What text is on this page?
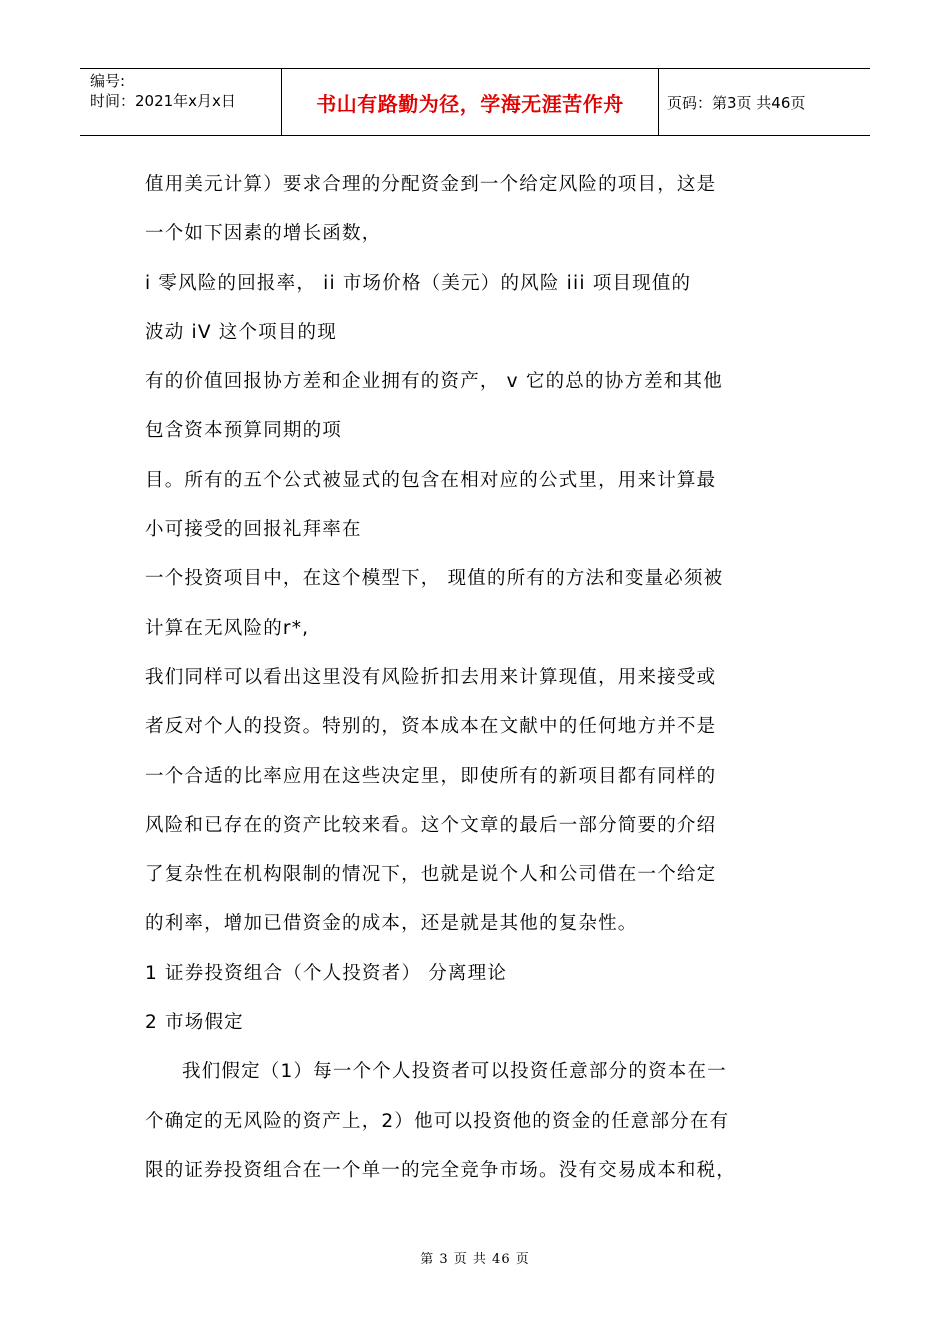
编号:
时间：2021年x月x日	书山有路勤为径，学海无涯苦作舟	页码：第3页 共46页
值用美元计算）要求合理的分配资金到一个给定风险的项目，这是
一个如下因素的增长函数，
i 零风险的回报率， ii 市场价格（美元）的风险 iii 项目现值的
波动 iV 这个项目的现
有的价值回报协方差和企业拥有的资产， v 它的总的协方差和其他
包含资本预算同期的项
目。所有的五个公式被显式的包含在相对应的公式里，用来计算最
小可接受的回报礼拜率在
一个投资项目中，在这个模型下， 现值的所有的方法和变量必须被
计算在无风险的r*,
我们同样可以看出这里没有风险折扣去用来计算现值，用来接受或
者反对个人的投资。特别的，资本成本在文献中的任何地方并不是
一个合适的比率应用在这些决定里，即使所有的新项目都有同样的
风险和已存在的资产比较来看。这个文章的最后一部分简要的介绍
了复杂性在机构限制的情况下，也就是说个人和公司借在一个给定
的利率，增加已借资金的成本，还是就是其他的复杂性。
1 证券投资组合（个人投资者） 分离理论
2 市场假定
我们假定（1）每一个个人投资者可以投资任意部分的资本在一
个确定的无风险的资产上，2）他可以投资他的资金的任意部分在有
限的证券投资组合在一个单一的完全竞争市场。没有交易成本和税，
第 3 页 共 46 页
